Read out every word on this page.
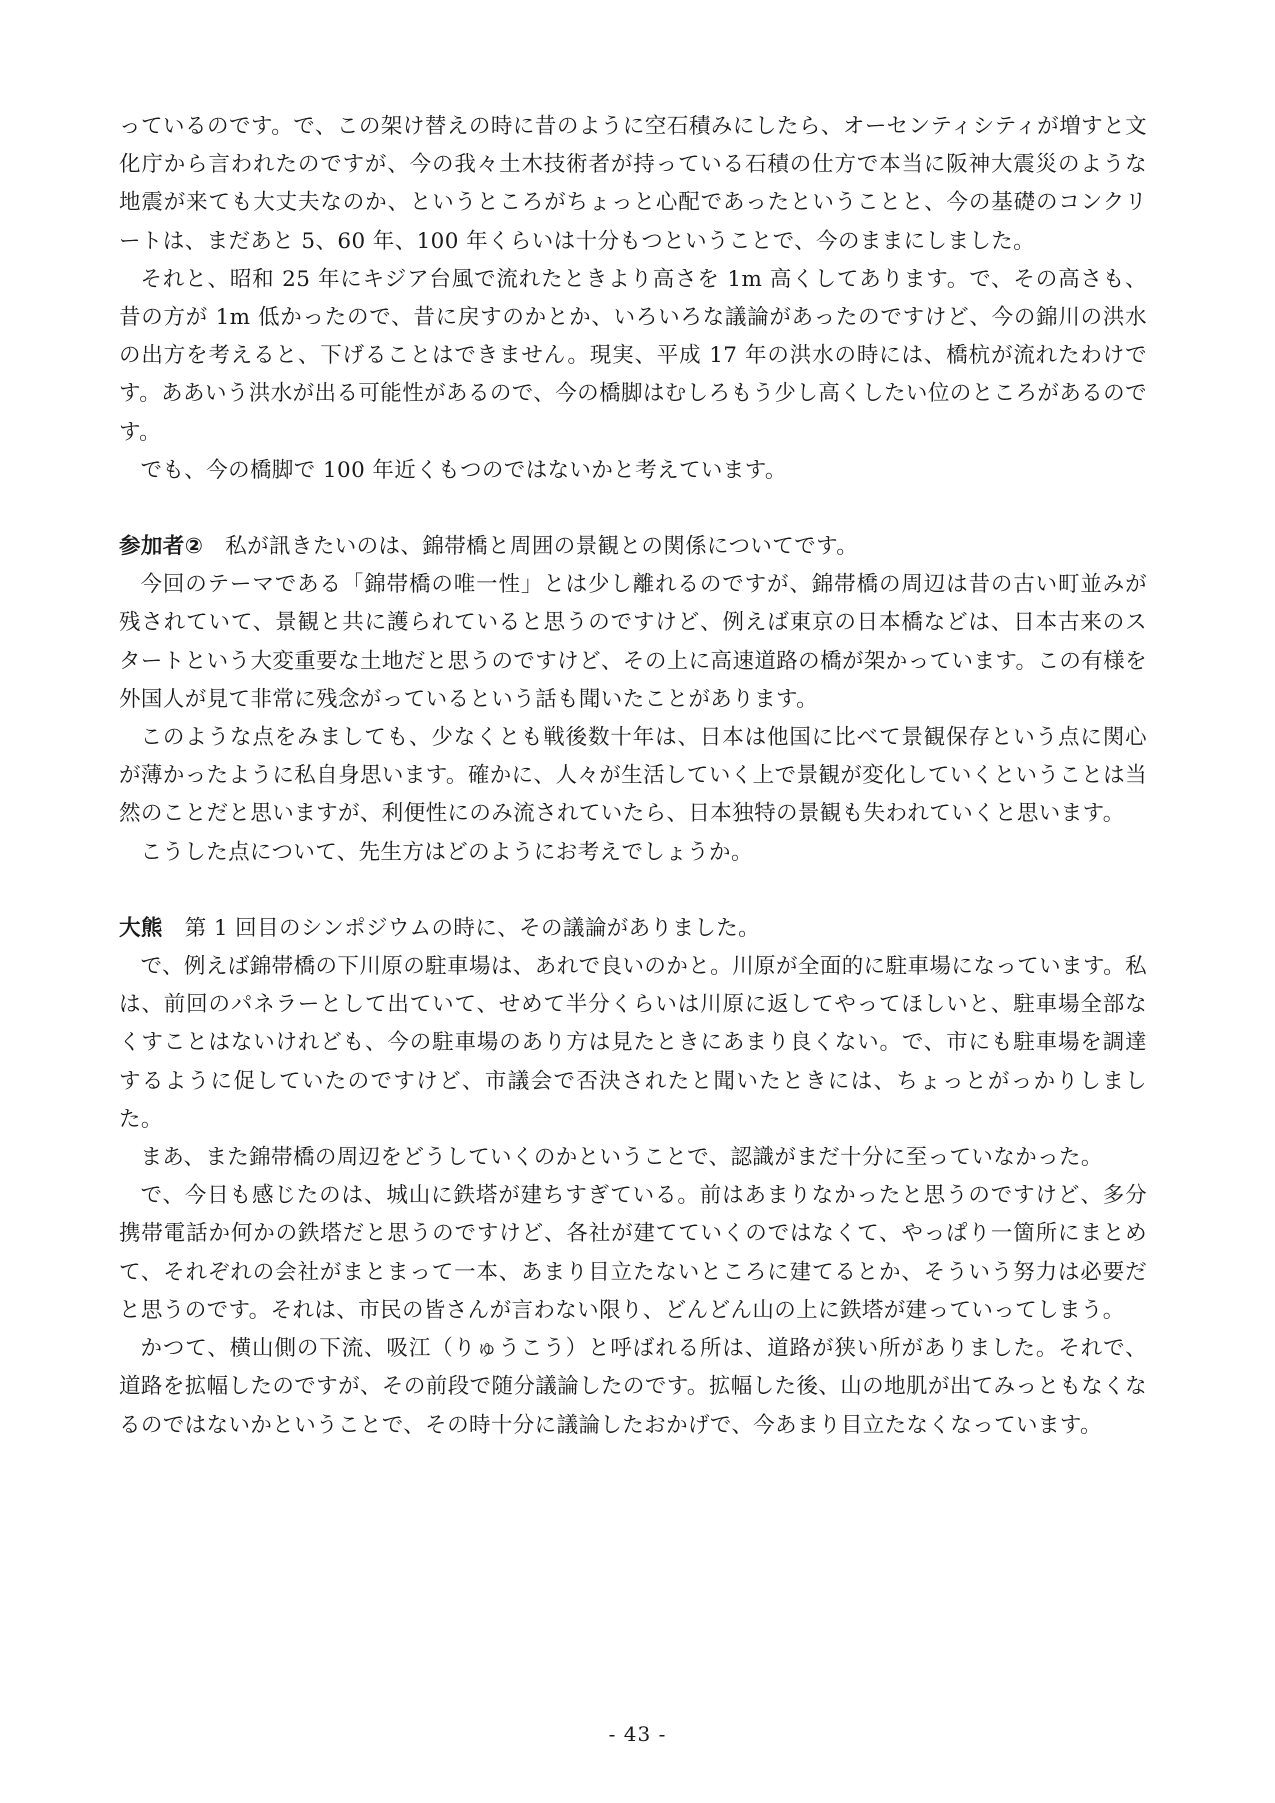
っているのです。で、この架け替えの時に昔のように空石積みにしたら、オーセンティシティが増すと文化庁から言われたのですが、今の我々土木技術者が持っている石積の仕方で本当に阪神大震災のような地震が来ても大丈夫なのか、というところがちょっと心配であったということと、今の基礎のコンクリートは、まだあと 5、60 年、100 年くらいは十分もつということで、今のままにしました。

それと、昭和 25 年にキジア台風で流れたときより高さを 1m 高くしてあります。で、その高さも、昔の方が 1m 低かったので、昔に戻すのかとか、いろいろな議論があったのですけど、今の錦川の洪水の出方を考えると、下げることはできません。現実、平成 17 年の洪水の時には、橋杭が流れたわけです。ああいう洪水が出る可能性があるので、今の橋脚はむしろもう少し高くしたい位のところがあるのです。

でも、今の橋脚で 100 年近くもつのではないかと考えています。

参加者②　 私が訊きたいのは、錦帯橋と周囲の景観との関係についてです。

今回のテーマである「錦帯橋の唯一性」とは少し離れるのですが、錦帯橋の周辺は昔の古い町並みが残されていて、景観と共に護られていると思うのですけど、例えば東京の日本橋などは、日本古来のスタートという大変重要な土地だと思うのですけど、その上に高速道路の橋が架かっています。この有様を外国人が見て非常に残念がっているという話も聞いたことがあります。

このような点をみましても、少なくとも戦後数十年は、日本は他国に比べて景観保存という点に関心が薄かったように私自身思います。確かに、人々が生活していく上で景観が変化していくということは当然のことだと思いますが、利便性にのみ流されていたら、日本独特の景観も失われていくと思います。

こうした点について、先生方はどのようにお考えでしょうか。

大熊　 第 1 回目のシンポジウムの時に、その議論がありました。

で、例えば錦帯橋の下川原の駐車場は、あれで良いのかと。川原が全面的に駐車場になっています。私は、前回のパネラーとして出ていて、せめて半分くらいは川原に返してやってほしいと、駐車場全部なくすことはないけれども、今の駐車場のあり方は見たときにあまり良くない。で、市にも駐車場を調達するように促していたのですけど、市議会で否決されたと聞いたときには、ちょっとがっかりしました。

まあ、また錦帯橋の周辺をどうしていくのかということで、認識がまだ十分に至っていなかった。

で、今日も感じたのは、城山に鉄塔が建ちすぎている。前はあまりなかったと思うのですけど、多分携帯電話か何かの鉄塔だと思うのですけど、各社が建てていくのではなくて、やっぱり一箇所にまとめて、それぞれの会社がまとまって一本、あまり目立たないところに建てるとか、そういう努力は必要だと思うのです。それは、市民の皆さんが言わない限り、どんどん山の上に鉄塔が建っていってしまう。

かつて、横山側の下流、吸江（りゅうこう）と呼ばれる所は、道路が狭い所がありました。それで、道路を拡幅したのですが、その前段で随分議論したのです。拡幅した後、山の地肌が出てみっともなくなるのではないかということで、その時十分に議論したおかげで、今あまり目立たなくなっています。

- 43 -
